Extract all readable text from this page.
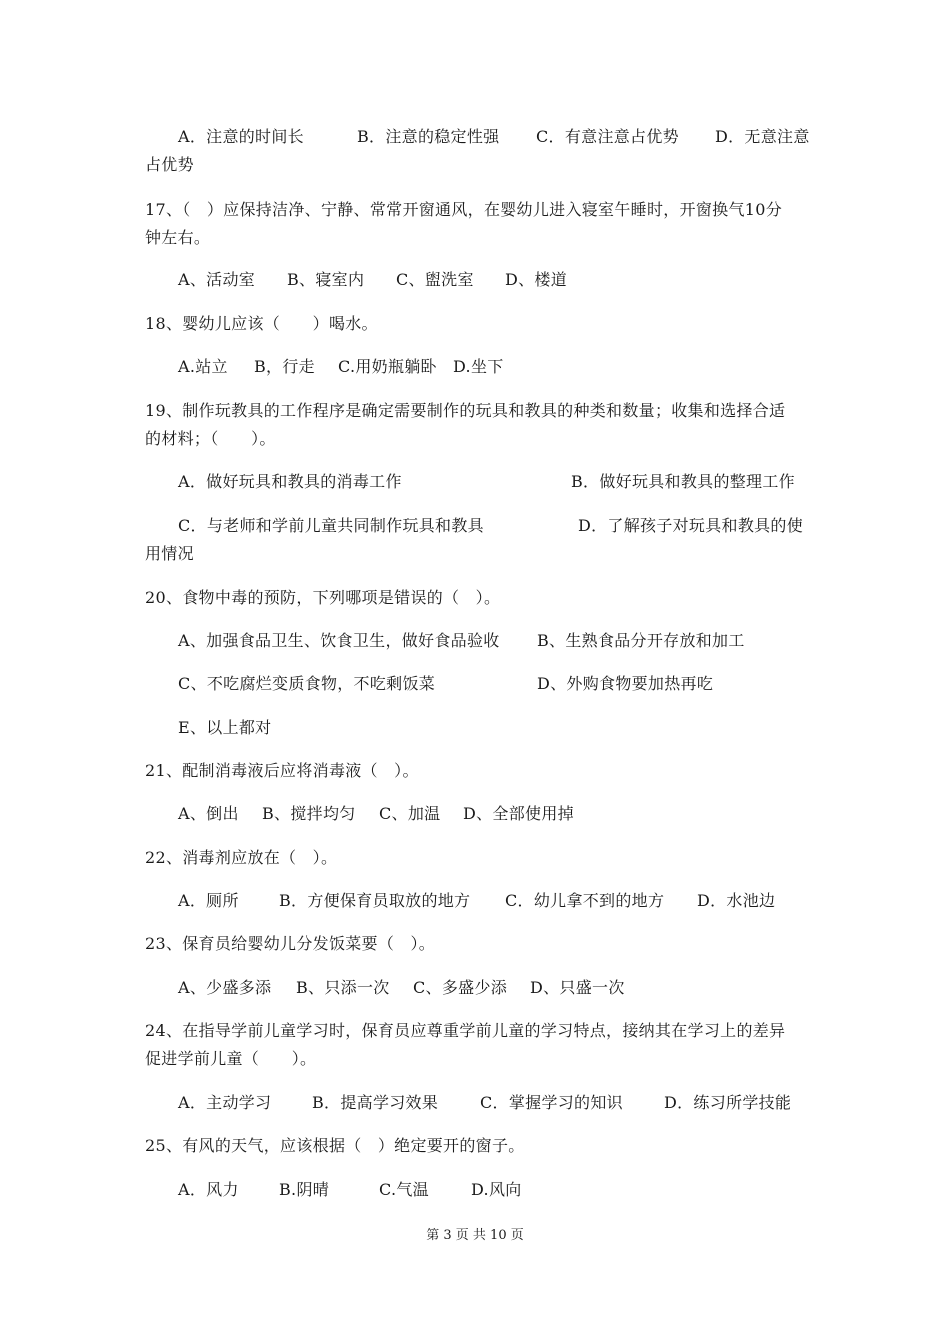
A．注意的时间长	B．注意的稳定性强 C．有意注意占优势 D．无意注意
占优势
17、（　）应保持洁净、宁静、常常开窗通风，在婴幼儿进入寝室午睡时，开窗换气10分
钟左右。
A、活动室 B、寝室内 C、盥洗室 D、楼道
18、婴幼儿应该（　　）喝水。
A.站立 B，行走 C.用奶瓶躺卧 D.坐下
19、制作玩教具的工作程序是确定需要制作的玩具和教具的种类和数量；收集和选择合适
的材料；（　　）。
A．做好玩具和教具的消毒工作	B．做好玩具和教具的整理工作
C．与老师和学前儿童共同制作玩具和教具	D．了解孩子对玩具和教具的使
用情况
20、食物中毒的预防，下列哪项是错误的（　）。
A、加强食品卫生、饮食卫生，做好食品验收 B、生熟食品分开存放和加工
C、不吃腐烂变质食物，不吃剩饭菜	D、外购食物要加热再吃
E、以上都对
21、配制消毒液后应将消毒液（　）。
A、倒出 B、搅拌均匀 C、加温 D、全部使用掉
22、消毒剂应放在（　）。
A．厕所	B．方便保育员取放的地方 C．幼儿拿不到的地方 D．水池边
23、保育员给婴幼儿分发饭菜要（　）。
A、少盛多添 B、只添一次 C、多盛少添 D、只盛一次
24、在指导学前儿童学习时，保育员应尊重学前儿童的学习特点，接纳其在学习上的差异
促进学前儿童（　　）。
A．主动学习	B．提高学习效果	C．掌握学习的知识	D．练习所学技能
25、有风的天气，应该根据（　）绝定要开的窗子。
A．风力	B.阴晴	C.气温	D.风向
第 3 页 共 10 页
